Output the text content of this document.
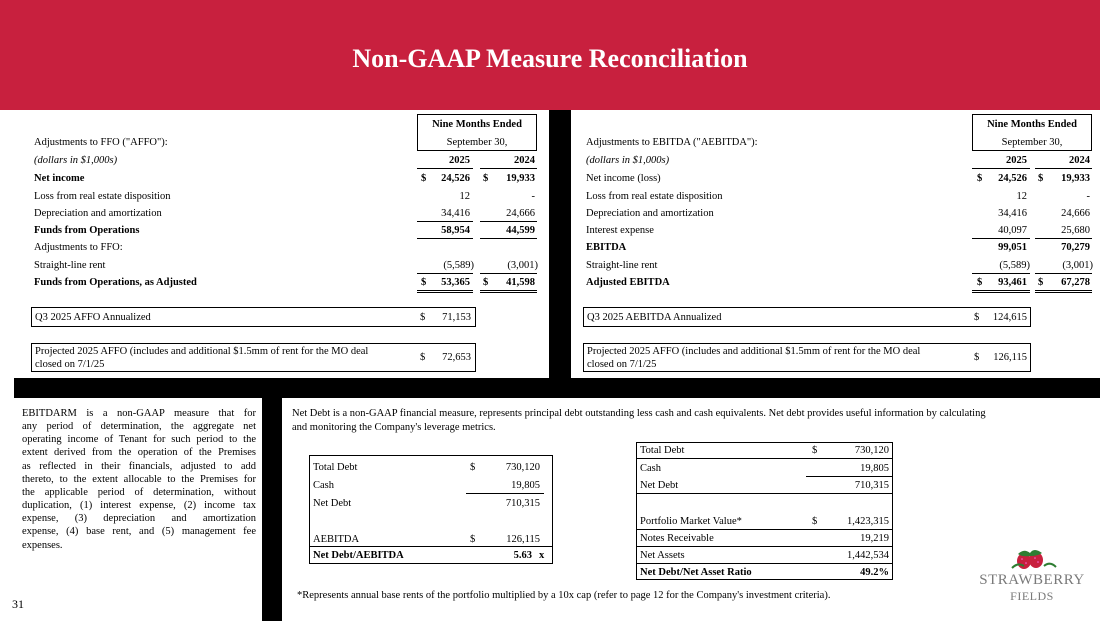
Non-GAAP Measure Reconciliation
Nine Months Ended
September 30,
Adjustments to FFO ("AFFO"):
(dollars in $1,000s)	2025	2024
Net income	$	24,526 $	19,933
Loss from real estate disposition	12	-
Depreciation and amortization	34,416	24,666
Funds from Operations	58,954	44,599
Adjustments to FFO:
Straight-line rent	(5,589)	(3,001)
Funds from Operations, as Adjusted	$	53,365 $	41,598
Q3 2025 AFFO Annualized	$	71,153
Projected 2025 AFFO (includes and additional $1.5mm of rent for the MO deal
closed on 7/1/25
$	72,653
Nine Months Ended
September 30,
Adjustments to EBITDA ("AEBITDA"):
(dollars in $1,000s)	2025	2024
Net income (loss)	$	24,526 $	19,933
Loss from real estate disposition	12	-
Depreciation and amortization	34,416	24,666
Interest expense	40,097	25,680
EBITDA	99,051	70,279
Straight-line rent	(5,589)	(3,001)
Adjusted EBITDA	$	93,461 $	67,278
Q3 2025 AEBITDA Annualized	$	124,615
Projected 2025 AFFO (includes and additional $1.5mm of rent for the MO deal
closed on 7/1/25
$	126,115
EBITDARM is a non-GAAP measure that for
any period of determination, the aggregate net
operating income of Tenant for such period to the
extent derived from the operation of the Premises
as reflected in their financials, adjusted to add
thereto, to the extent allocable to the Premises for
the applicable period of determination, without
duplication, (1) interest expense, (2) income tax
expense, (3) depreciation and amortization
expense, (4) base rent, and (5) management fee
expenses.
31
Net Debt is a non-GAAP financial measure, represents principal debt outstanding less cash and cash equivalents. Net debt provides useful information by calculating
and monitoring the Company's leverage metrics.
Total Debt	$	730,120
Cash	19,805
Net Debt	710,315
AEBITDA	$	126,115
Net Debt/AEBITDA	5.63 x
Total Debt	$	730,120
Cash	19,805
Net Debt	710,315
Portfolio Market Value*	$	1,423,315
Notes Receivable	19,219
Net Assets	1,442,534
Net Debt/Net Asset Ratio	49.2%
*Represents annual base rents of the portfolio multiplied by a 10x cap (refer to page 12 for the Company's investment criteria).
STRAWBERRY
FIELDS
